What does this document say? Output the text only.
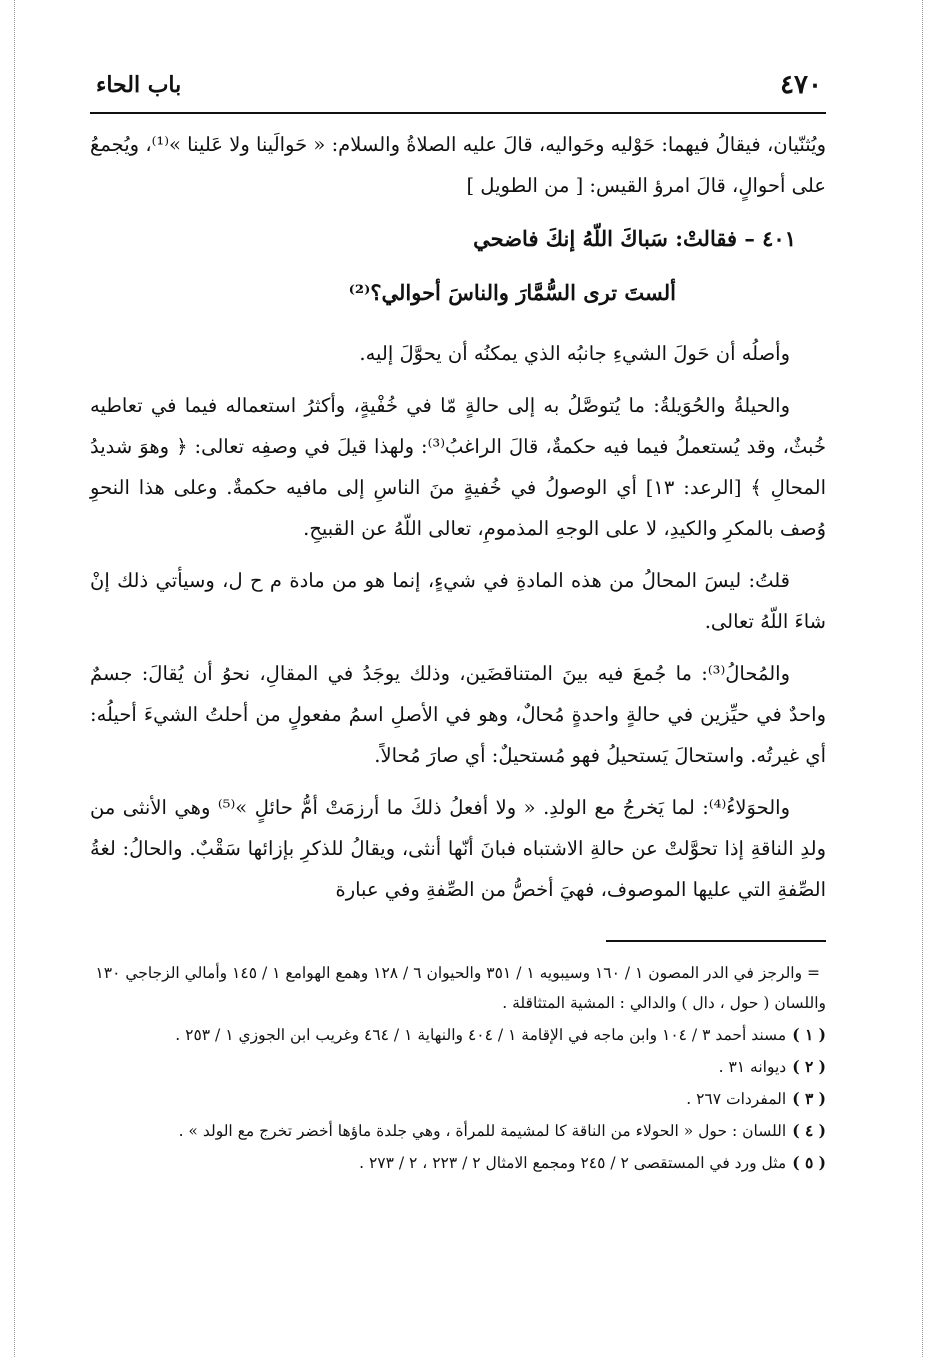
٤٧٠
باب الحاء

ويُثنّيان، فيقالُ فيهما: حَوْليه وحَواليه، قالَ عليه الصلاةُ والسلام: « حَوالَينا ولا عَلينا »⁽¹⁾، ويُجمعُ على أحوالٍ، قالَ امرؤ القيس: [ من الطويل ]

٤٠١ – فقالتْ: سَباكَ اللّهُ إنكَ فاضحي
ألستَ ترى السُّمَّارَ والناسَ أحوالي؟⁽²⁾

وأصلُه أن حَولَ الشيءِ جانبُه الذي يمكنُه أن يحوَّلَ إليه.

والحيلةُ والحُوَيلةُ: ما يُتوصَّلُ به إلى حالةٍ مّا في خُفْيةٍ، وأكثرُ استعماله فيما في تعاطيه خُبثٌ، وقد يُستعملُ فيما فيه حكمةٌ، قالَ الراغبُ⁽³⁾: ولهذا قيلَ في وصفِه تعالى: ﴿ وهوَ شديدُ المحالِ ﴾ [الرعد: ١٣] أي الوصولُ في خُفيةٍ منَ الناسِ إلى مافيه حكمةٌ. وعلى هذا النحوِ وُصف بالمكرِ والكيدِ، لا على الوجهِ المذمومِ، تعالى اللّهُ عن القبيحِ.

قلتُ: ليسَ المحالُ من هذه المادةِ في شيءٍ، إنما هو من مادة م ح ل، وسيأتي ذلك إنْ شاءَ اللّهُ تعالى.

والمُحالُ⁽³⁾: ما جُمعَ فيه بينَ المتناقضَين، وذلك يوجَدُ في المقالِ، نحوُ أن يُقالَ: جسمٌ واحدٌ في حيِّزين في حالةٍ واحدةٍ مُحالٌ، وهو في الأصلِ اسمُ مفعولٍ من أحلتُ الشيءَ أحيلُه: أي غيرتُه. واستحالَ يَستحيلُ فهو مُستحيلٌ: أي صارَ مُحالاً.

والحوَلاءُ⁽⁴⁾: لما يَخرجُ مع الولدِ. « ولا أفعلُ ذلكَ ما أرزمَتْ أمُّ حائلٍ »⁽⁵⁾ وهي الأنثى من ولدِ الناقةِ إذا تحوَّلتْ عن حالةِ الاشتباه فبانَ أنّها أنثى، ويقالُ للذكرِ بإزائها سَقْبٌ. والحالُ: لغةُ الصِّفةِ التي عليها الموصوف، فهيَ أخصُّ من الصِّفةِ وفي عبارة

= والرجز في الدر المصون ١ / ١٦٠ وسيبويه ١ / ٣٥١ والحيوان ٦ / ١٢٨ وهمع الهوامع ١ / ١٤٥ وأمالي الزجاجي ١٣٠ واللسان ( حول ، دال ) والدالي : المشية المتثاقلة .
( ١ )مسند أحمد ٣ / ١٠٤ وابن ماجه في الإقامة ١ / ٤٠٤ والنهاية ١ / ٤٦٤ وغريب ابن الجوزي ١ / ٢٥٣ .
( ٢ )ديوانه ٣١ .
( ٣ )المفردات ٢٦٧ .
( ٤ )اللسان : حول « الحولاء من الناقة كا لمشيمة للمرأة ، وهي جلدة ماؤها أخضر تخرج مع الولد » .
( ٥ )مثل ورد في المستقصى ٢ / ٢٤٥ ومجمع الامثال ٢ / ٢٢٣ ، ٢ / ٢٧٣ .
